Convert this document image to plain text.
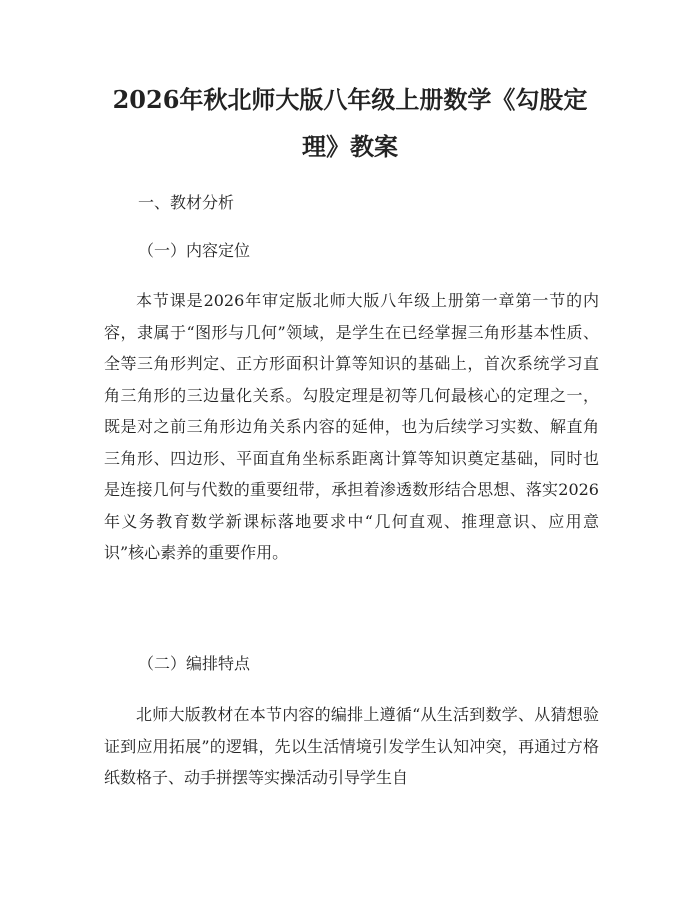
2026年秋北师大版八年级上册数学《勾股定
理》教案

一、教材分析

（一）内容定位

本节课是2026年审定版北师大版八年级上册第一章第一节的内容，隶属于“图形与几何”领域，是学生在已经掌握三角形基本性质、全等三角形判定、正方形面积计算等知识的基础上，首次系统学习直角三角形的三边量化关系。勾股定理是初等几何最核心的定理之一，既是对之前三角形边角关系内容的延伸，也为后续学习实数、解直角三角形、四边形、平面直角坐标系距离计算等知识奠定基础，同时也是连接几何与代数的重要纽带，承担着渗透数形结合思想、落实2026年义务教育数学新课标落地要求中“几何直观、推理意识、应用意识”核心素养的重要作用。

（二）编排特点

北师大版教材在本节内容的编排上遵循“从生活到数学、从猜想验证到应用拓展”的逻辑，先以生活情境引发学生认知冲突，再通过方格纸数格子、动手拼摆等实操活动引导学生自
